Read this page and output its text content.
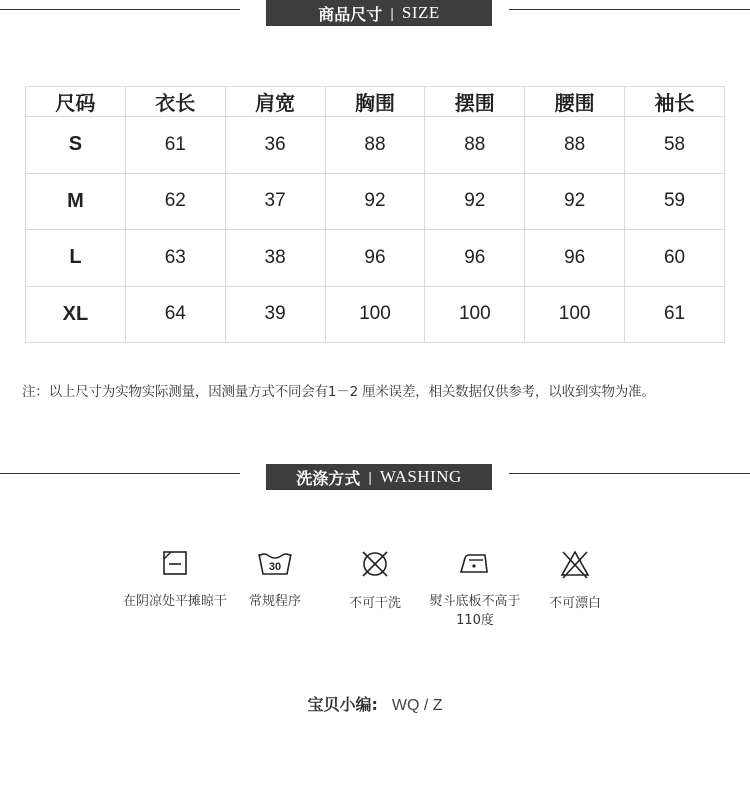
商品尺寸 | SIZE
尺码	衣长	肩宽	胸围	摆围	腰围	袖长
S	61	36	88	88	88	58
M	62	37	92	92	92	59
L	63	38	96	96	96	60
XL	64	39	100	100	100	61
注：以上尺寸为实物实际测量，因测量方式不同会有1－2 厘米误差，相关数据仅供参考，以收到实物为准。
洗涤方式 | WASHING
在阴凉处平摊晾干
30
常规程序	不可干洗	熨斗底板不高于110度
不可漂白
宝贝小编: WQ / Z
